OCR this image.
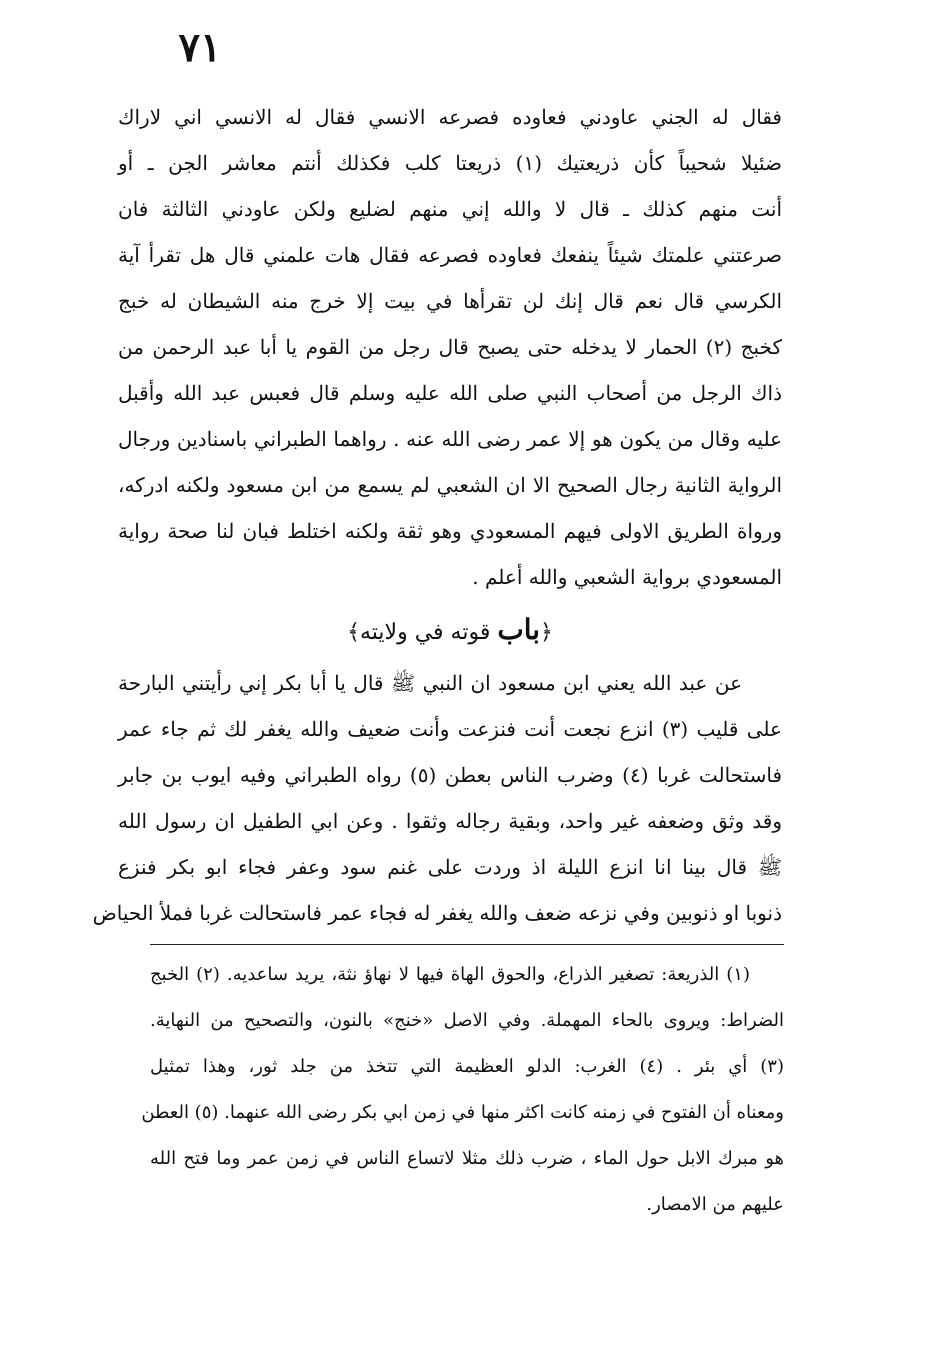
٧١
فقال له الجني عاودني فعاوده فصرعه الانسي فقال له الانسي اني لاراك
ضئيلا شحيباً كأن ذريعتيك (١) ذريعتا كلب فكذلك أنتم معاشر الجن ـ أو
أنت منهم كذلك ـ قال لا والله إني منهم لضليع ولكن عاودني الثالثة فان
صرعتني علمتك شيئاً ينفعك فعاوده فصرعه فقال هات علمني قال هل تقرأ آية
الكرسي قال نعم قال إنك لن تقرأها في بيت إلا خرج منه الشيطان له خبج
كخبج (٢) الحمار لا يدخله حتى يصبح قال رجل من القوم يا أبا عبد الرحمن من
ذاك الرجل من أصحاب النبي صلى الله عليه وسلم قال فعبس عبد الله وأقبل
عليه وقال من يكون هو إلا عمر رضى الله عنه . رواهما الطبراني باسنادين ورجال
الرواية الثانية رجال الصحيح الا ان الشعبي لم يسمع من ابن مسعود ولكنه ادركه،
ورواة الطريق الاولى فيهم المسعودي وهو ثقة ولكنه اختلط فبان لنا صحة رواية
المسعودي برواية الشعبي والله أعلم .
﴿باب قوته في ولايته﴾
عن عبد الله يعني ابن مسعود ان النبي ﷺ قال يا أبا بكر إني رأيتني البارحة
على قليب (٣) انزع نجعت أنت فنزعت وأنت ضعيف والله يغفر لك ثم جاء عمر
فاستحالت غربا (٤) وضرب الناس بعطن (٥) رواه الطبراني وفيه ايوب بن جابر
وقد وثق وضعفه غير واحد، وبقية رجاله وثقوا . وعن ابي الطفيل ان رسول الله
ﷺ قال بينا انا انزع الليلة اذ وردت على غنم سود وعفر فجاء ابو بكر فنزع
ذنوبا او ذنوبين وفي نزعه ضعف والله يغفر له فجاء عمر فاستحالت غربا فملأ الحياض
(١) الذريعة: تصغير الذراع، والحوق الهاة فيها لا نهاؤ نثة، يريد ساعديه. (٢) الخبج
الضراط: ويروى بالحاء المهملة. وفي الاصل «خنج» بالنون، والتصحيح من النهاية.
(٣) أي بئر . (٤) الغرب: الدلو العظيمة التي تتخذ من جلد ثور، وهذا تمثيل
ومعناه أن الفتوح في زمنه كانت اكثر منها في زمن ابي بكر رضى الله عنهما. (٥) العطن
هو مبرك الابل حول الماء ، ضرب ذلك مثلا لاتساع الناس في زمن عمر وما فتح الله
عليهم من الامصار.
